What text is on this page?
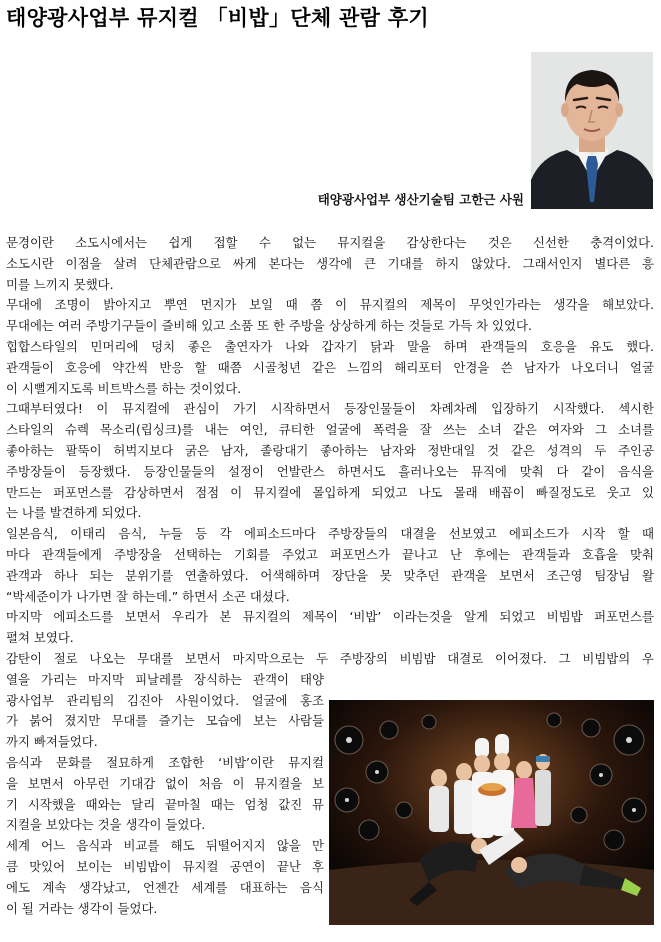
태양광사업부 뮤지컬 「비밥」단체 관람 후기
태양광사업부 생산기술팀 고한근 사원
문경이란 소도시에서는 쉽게 접할 수 없는 뮤지컬을 감상한다는 것은 신선한 충격이었다.
소도시란 이점을 살려 단체관람으로 싸게 본다는 생각에 큰 기대를 하지 않았다. 그래서인지 별다른 흥
미를 느끼지 못했다.
무대에 조명이 밝아지고 뿌연 먼지가 보일 때 쯤 이 뮤지컬의 제목이 무엇인가라는 생각을 해보았다.
무대에는 여러 주방기구들이 즐비해 있고 소품 또 한 주방을 상상하게 하는 것들로 가득 차 있었다.
힙합스타일의 민머리에 덩치 좋은 출연자가 나와 갑자기 닭과 말을 하며 관객들의 호응을 유도 했다.
관객들이 호응에 약간씩 반응 할 때쯤 시골청년 같은 느낌의 해리포터 안경을 쓴 남자가 나오더니 얼굴
이 시뻘게지도록 비트박스를 하는 것이었다.
그때부터였다! 이 뮤지컬에 관심이 가기 시작하면서 등장인물들이 차례차례 입장하기 시작했다. 섹시한
스타일의 슈렉 목소리(립싱크)를 내는 여인, 큐티한 얼굴에 폭력을 잘 쓰는 소녀 같은 여자와 그 소녀를
좋아하는 팔뚝이 허벅지보다 굵은 남자, 졸랑대기 좋아하는 남자와 정반대일 것 같은 성격의 두 주인공
주방장들이 등장했다. 등장인물들의 설정이 언발란스 하면서도 흘러나오는 뮤직에 맞춰 다 같이 음식을
만드는 퍼포먼스를 감상하면서 점점 이 뮤지컬에 몰입하게 되었고 나도 몰래 배꼽이 빠질정도로 웃고 있
는 나를 발견하게 되었다.
일본음식, 이태리 음식, 누들 등 각 에피소드마다 주방장들의 대결을 선보였고 에피소드가 시작 할 때
마다 관객들에게 주방장을 선택하는 기회를 주었고 퍼포먼스가 끝나고 난 후에는 관객들과 호흡을 맞춰
관객과 하나 되는 분위기를 연출하였다. 어색해하며 장단을 못 맞추던 관객을 보면서 조근영 팀장님 왈
“박세준이가 나가면 잘 하는데.” 하면서 소곤 대셨다.
마지막 에피소드를 보면서 우리가 본 뮤지컬의 제목이 ‘비밥’ 이라는것을 알게 되었고 비빔밥 퍼포먼스를
펼쳐 보였다.
감탄이 절로 나오는 무대를 보면서 마지막으로는 두 주방장의 비빔밥 대결로 이어졌다. 그 비빔밥의 우
열을 가리는 마지막 피날레를 장식하는 관객이 태양
광사업부 관리팀의 김진아 사원이었다. 얼굴에 홍조
가 붉어 졌지만 무대를 즐기는 모습에 보는 사람들
까지 빠져들었다.
음식과 문화를 절묘하게 조합한 ‘비밥’이란 뮤지컬
을 보면서 아무런 기대감 없이 처음 이 뮤지컬을 보
기 시작했을 때와는 달리 끝마칠 때는 엄청 값진 뮤
지컬을 보았다는 것을 생각이 들었다.
세계 어느 음식과 비교를 해도 뒤떨어지지 않을 만
큼 맛있어 보이는 비빔밥이 뮤지컬 공연이 끝난 후
에도 계속 생각났고, 언젠간 세계를 대표하는 음식
이 될 거라는 생각이 들었다.
